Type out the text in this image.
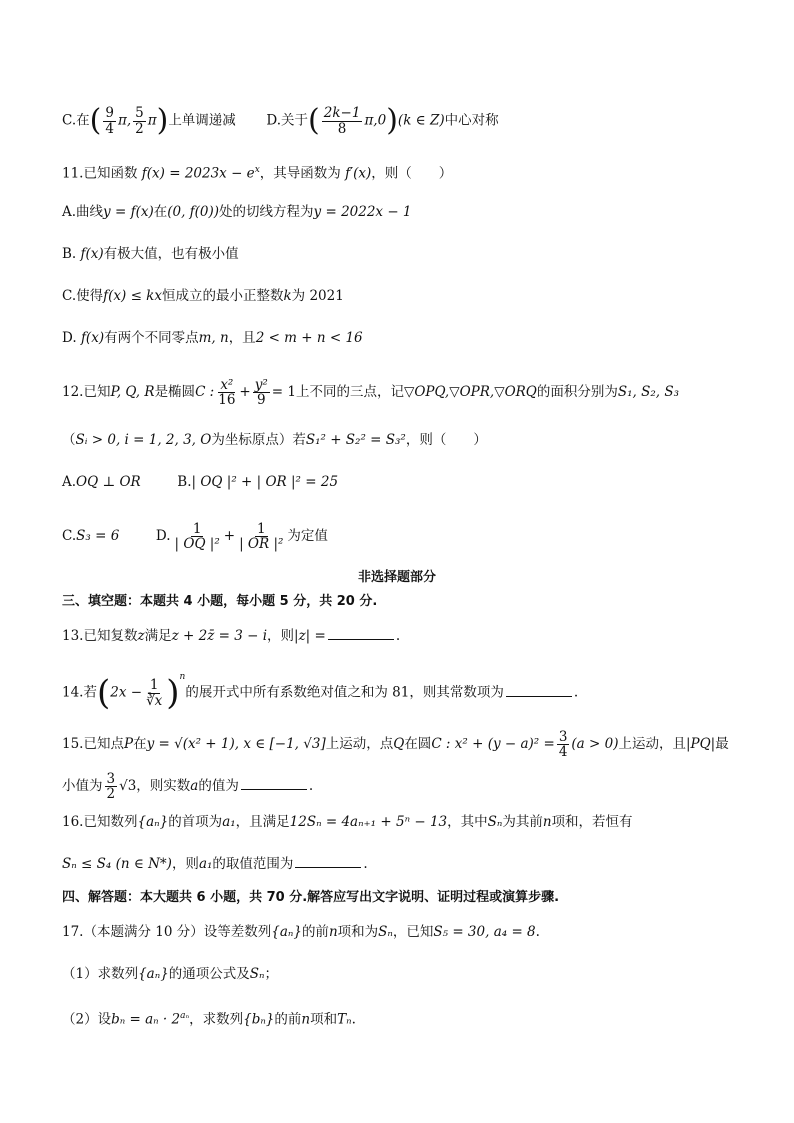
C.在( $\frac{9}{4} \pi$, $\frac{5}{2} \pi$)上单调递减 D.关于( $\frac{2k-1}{8} \pi,0)(k$ ∈ Z)中心对称
11.已知函数 $f(x) = 2023x - e^x$，其导函数为 f′(x)，则（　　）
A.曲线y = f(x)在(0, f(0))处的切线方程为y = 2022x − 1
B. f(x)有极大值，也有极小值
C.使得f(x) ≤ kx恒成立的最小正整数k为 2021
D. f(x)有两个不同零点m, n，且2 < m + n < 16
12.已知P, Q, R是椭圆C : $\frac{\text{x²}}{16} + \frac{\text{y²}}{9} = 1$上不同的三点，记▽OPQ,▽OPR,▽ORQ的面积分别为S₁, S₂, S₃
（Sᵢ > 0, i = 1, 2, 3, O为坐标原点）若S₁² + S₂² = S₃²，则（　　）
A.OQ ⊥ OR	B.| OQ |² + | OR |² = 25
C.S₃ = 6	D. $\frac{1}{\text{| OQ |²}} + \frac{1}{\text{| OR |²}}$ 为定值
非选择题部分
三、填空题：本题共 4 小题，每小题 5 分，共 20 分.
13.已知复数z满足z + 2z̄ = 3 − i，则|z| =	.
14.若$(2x - \frac{1}{∛x} )^n$的展开式中所有系数绝对值之和为 81，则其常数项为	.
15.已知点P在y = √(x² + 1), x ∈ [−1, √3]上运动，点Q在圆C : $x^2 + (y - a)^2 = \frac{3}{4} (a > 0)$上运动，且|PQ|最
小值为 $\frac{3}{2} √3$，则实数a的值为	.
16.已知数列{aₙ}的首项为a₁，且满足12Sₙ = 4aₙ₊₁ + 5ⁿ − 13，其中Sₙ为其前n项和，若恒有
Sₙ ≤ S₄ (n ∈ N*)，则a₁的取值范围为	.
四、解答题：本大题共 6 小题，共 70 分.解答应写出文字说明、证明过程或演算步骤.
17.（本题满分 10 分）设等差数列{aₙ}的前n项和为Sₙ，已知S₅ = 30, a₄ = 8.
（1）求数列{aₙ}的通项公式及Sₙ；
（2）设$b_n = a_n \cdot 2^{a_n}$，求数列{bₙ}的前n项和Tₙ.
